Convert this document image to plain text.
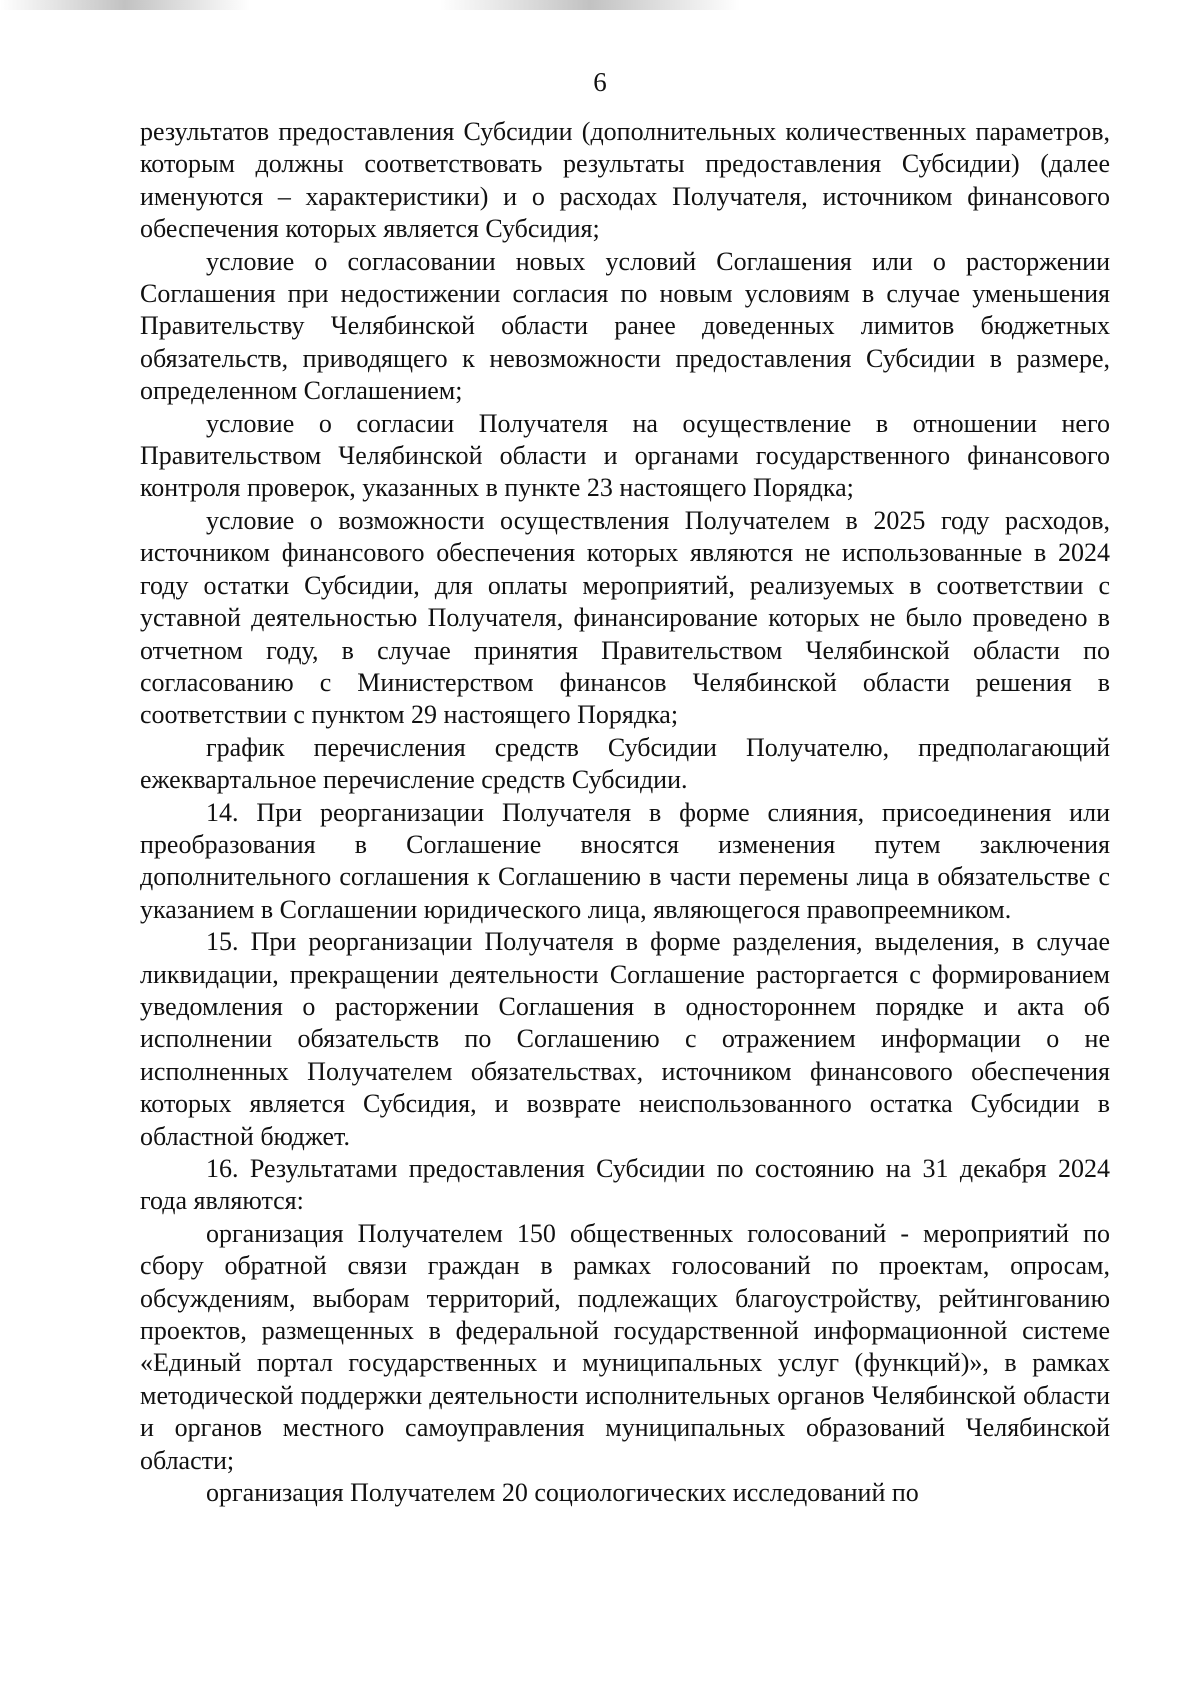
6

результатов предоставления Субсидии (дополнительных количественных параметров, которым должны соответствовать результаты предоставления Субсидии) (далее именуются – характеристики) и о расходах Получателя, источником финансового обеспечения которых является Субсидия;

условие о согласовании новых условий Соглашения или о расторжении Соглашения при недостижении согласия по новым условиям в случае уменьшения Правительству Челябинской области ранее доведенных лимитов бюджетных обязательств, приводящего к невозможности предоставления Субсидии в размере, определенном Соглашением;

условие о согласии Получателя на осуществление в отношении него Правительством Челябинской области и органами государственного финансового контроля проверок, указанных в пункте 23 настоящего Порядка;

условие о возможности осуществления Получателем в 2025 году расходов, источником финансового обеспечения которых являются не использованные в 2024 году остатки Субсидии, для оплаты мероприятий, реализуемых в соответствии с уставной деятельностью Получателя, финансирование которых не было проведено в отчетном году, в случае принятия Правительством Челябинской области по согласованию с Министерством финансов Челябинской области решения в соответствии с пунктом 29 настоящего Порядка;

график перечисления средств Субсидии Получателю, предполагающий ежеквартальное перечисление средств Субсидии.

14. При реорганизации Получателя в форме слияния, присоединения или преобразования в Соглашение вносятся изменения путем заключения дополнительного соглашения к Соглашению в части перемены лица в обязательстве с указанием в Соглашении юридического лица, являющегося правопреемником.

15. При реорганизации Получателя в форме разделения, выделения, в случае ликвидации, прекращении деятельности Соглашение расторгается с формированием уведомления о расторжении Соглашения в одностороннем порядке и акта об исполнении обязательств по Соглашению с отражением информации о не исполненных Получателем обязательствах, источником финансового обеспечения которых является Субсидия, и возврате неиспользованного остатка Субсидии в областной бюджет.

16. Результатами предоставления Субсидии по состоянию на 31 декабря 2024 года являются:

организация Получателем 150 общественных голосований - мероприятий по сбору обратной связи граждан в рамках голосований по проектам, опросам, обсуждениям, выборам территорий, подлежащих благоустройству, рейтингованию проектов, размещенных в федеральной государственной информационной системе «Единый портал государственных и муниципальных услуг (функций)», в рамках методической поддержки деятельности исполнительных органов Челябинской области и органов местного самоуправления муниципальных образований Челябинской области;

организация Получателем 20 социологических исследований по
